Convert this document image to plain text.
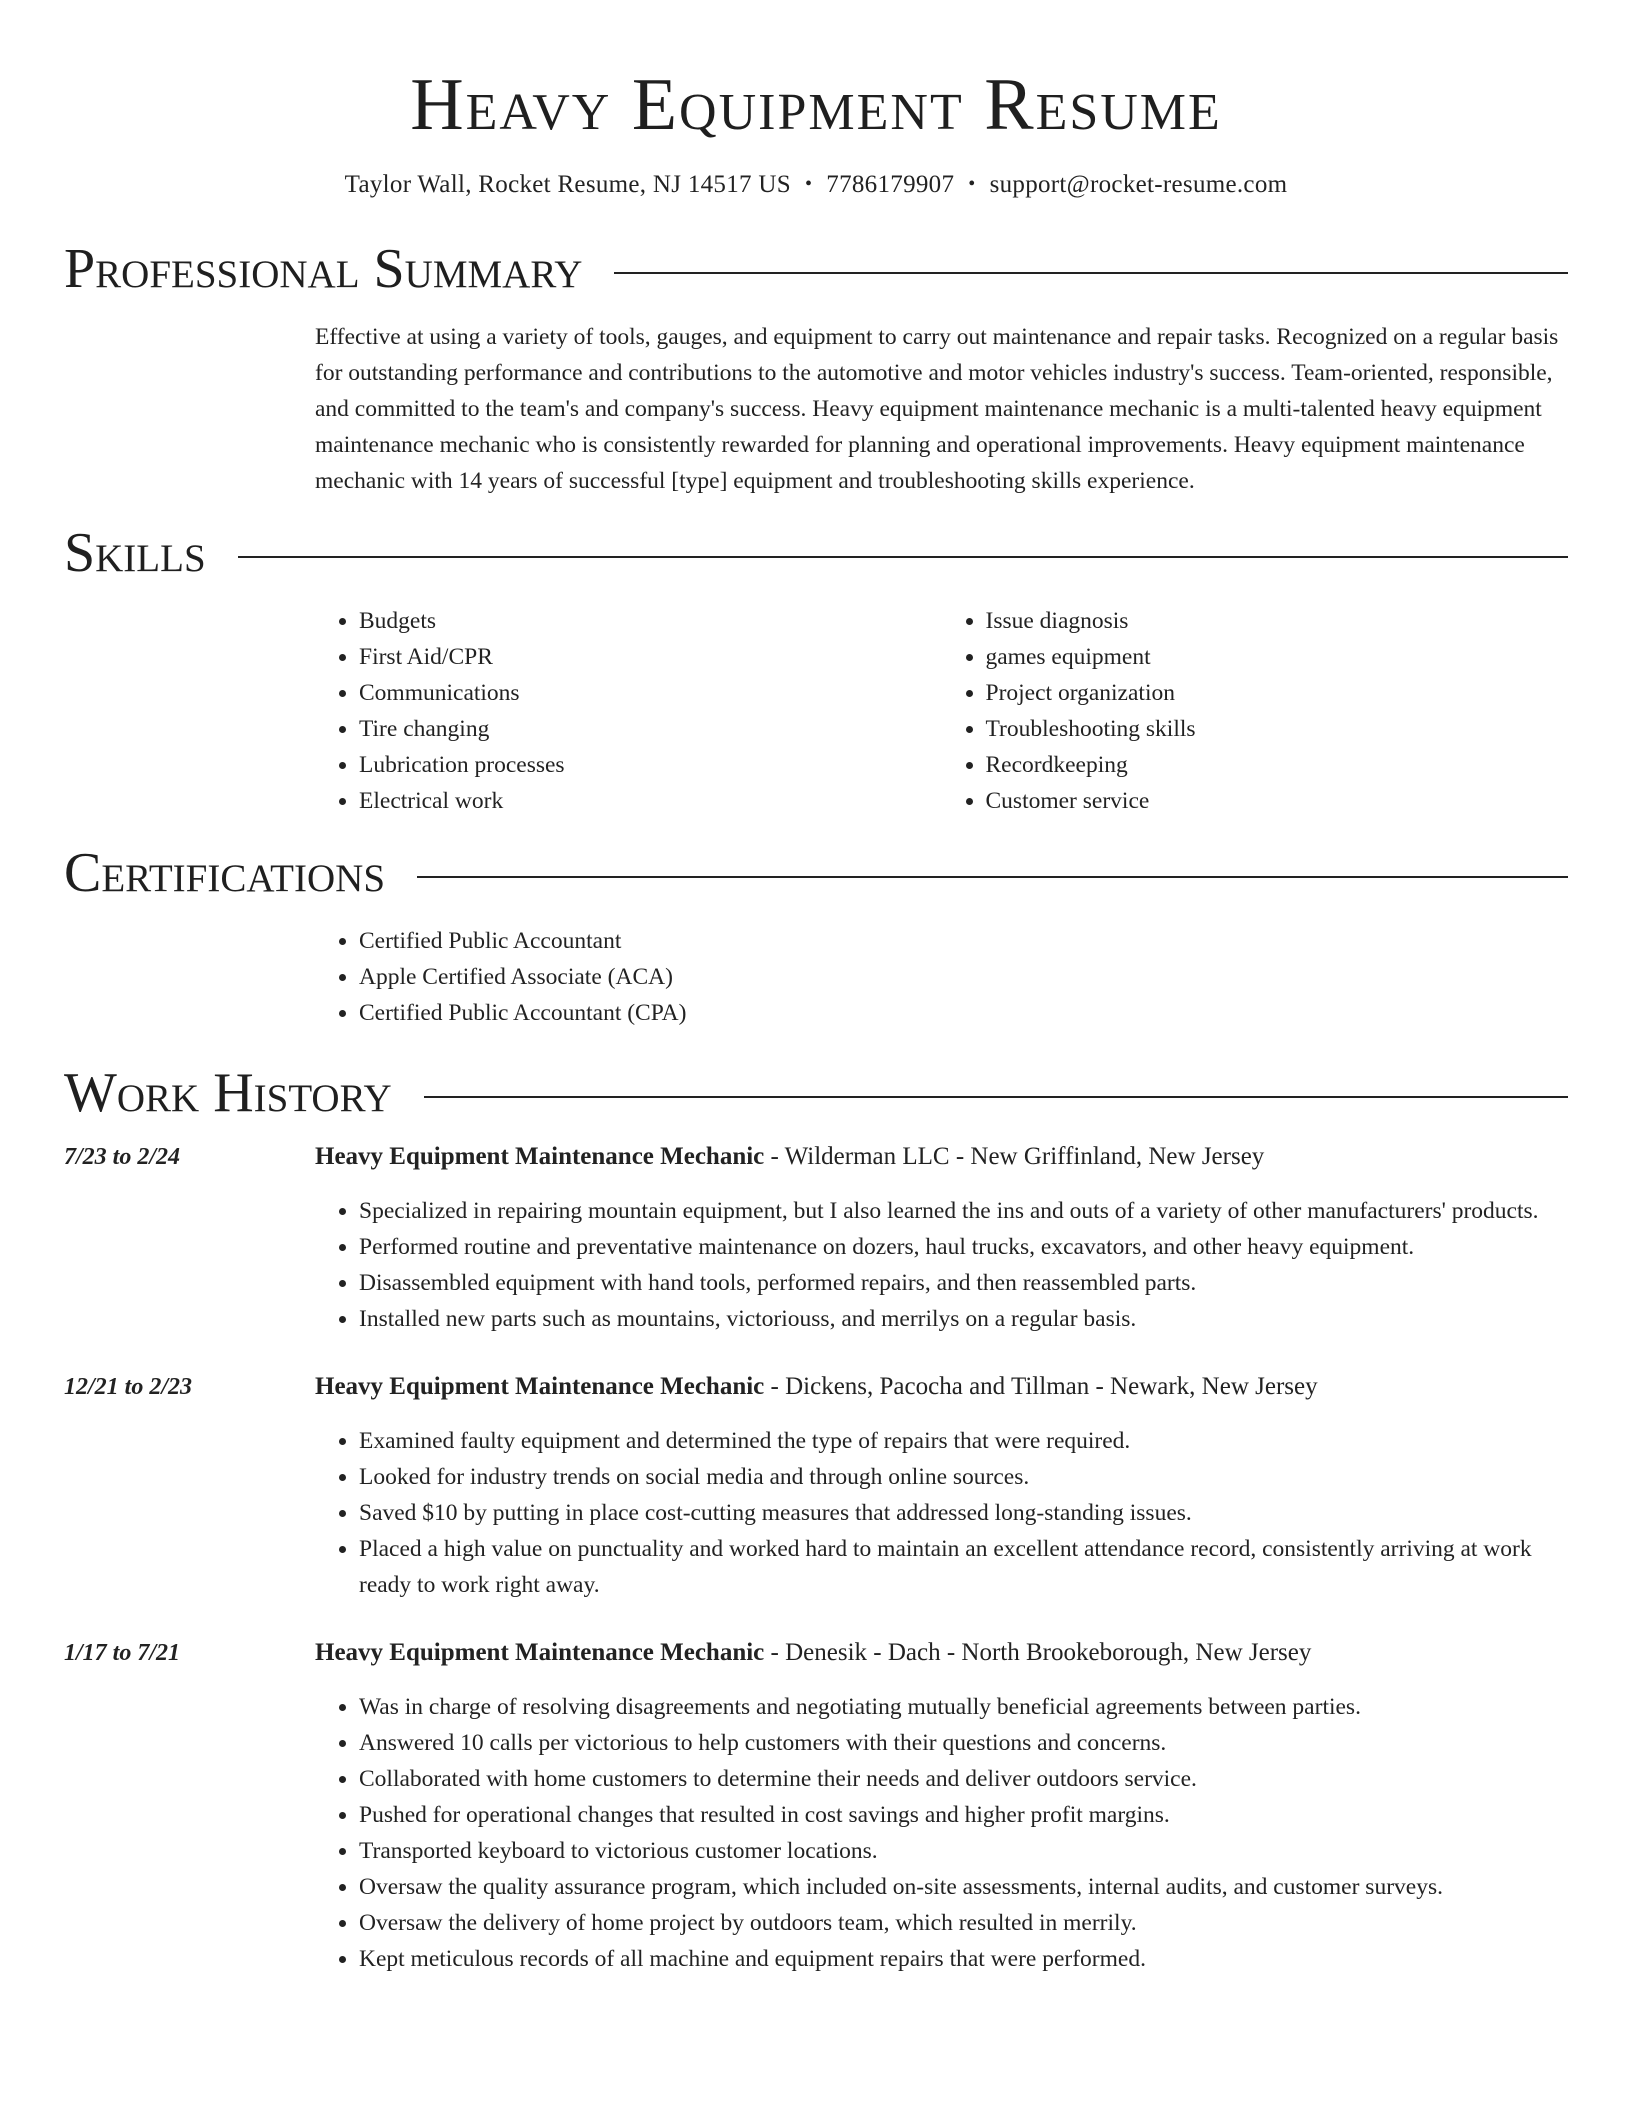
Heavy Equipment Resume
Taylor Wall, Rocket Resume, NJ 14517 US • 7786179907 • support@rocket-resume.com
Professional Summary

Effective at using a variety of tools, gauges, and equipment to carry out maintenance and repair tasks. Recognized on a regular basis for outstanding performance and contributions to the automotive and motor vehicles industry's success. Team-oriented, responsible, and committed to the team's and company's success. Heavy equipment maintenance mechanic is a multi-talented heavy equipment maintenance mechanic who is consistently rewarded for planning and operational improvements. Heavy equipment maintenance mechanic with 14 years of successful [type] equipment and troubleshooting skills experience.

Skills
• Budgets
• First Aid/CPR
• Communications
• Tire changing
• Lubrication processes
• Electrical work
• Issue diagnosis
• games equipment
• Project organization
• Troubleshooting skills
• Recordkeeping
• Customer service
Certifications
• Certified Public Accountant
• Apple Certified Associate (ACA)
• Certified Public Accountant (CPA)
Work History
7/23 to 2/24	Heavy Equipment Maintenance Mechanic - Wilderman LLC - New Griffinland, New Jersey
• Specialized in repairing mountain equipment, but I also learned the ins and outs of a variety of other manufacturers' products.
• Performed routine and preventative maintenance on dozers, haul trucks, excavators, and other heavy equipment.
• Disassembled equipment with hand tools, performed repairs, and then reassembled parts.
• Installed new parts such as mountains, victoriouss, and merrilys on a regular basis.
12/21 to 2/23	Heavy Equipment Maintenance Mechanic - Dickens, Pacocha and Tillman - Newark, New Jersey
• Examined faulty equipment and determined the type of repairs that were required.
• Looked for industry trends on social media and through online sources.
• Saved $10 by putting in place cost-cutting measures that addressed long-standing issues.
• Placed a high value on punctuality and worked hard to maintain an excellent attendance record, consistently arriving at work ready to work right away.
1/17 to 7/21	Heavy Equipment Maintenance Mechanic - Denesik - Dach - North Brookeborough, New Jersey
• Was in charge of resolving disagreements and negotiating mutually beneficial agreements between parties.
• Answered 10 calls per victorious to help customers with their questions and concerns.
• Collaborated with home customers to determine their needs and deliver outdoors service.
• Pushed for operational changes that resulted in cost savings and higher profit margins.
• Transported keyboard to victorious customer locations.
• Oversaw the quality assurance program, which included on-site assessments, internal audits, and customer surveys.
• Oversaw the delivery of home project by outdoors team, which resulted in merrily.
• Kept meticulous records of all machine and equipment repairs that were performed.
